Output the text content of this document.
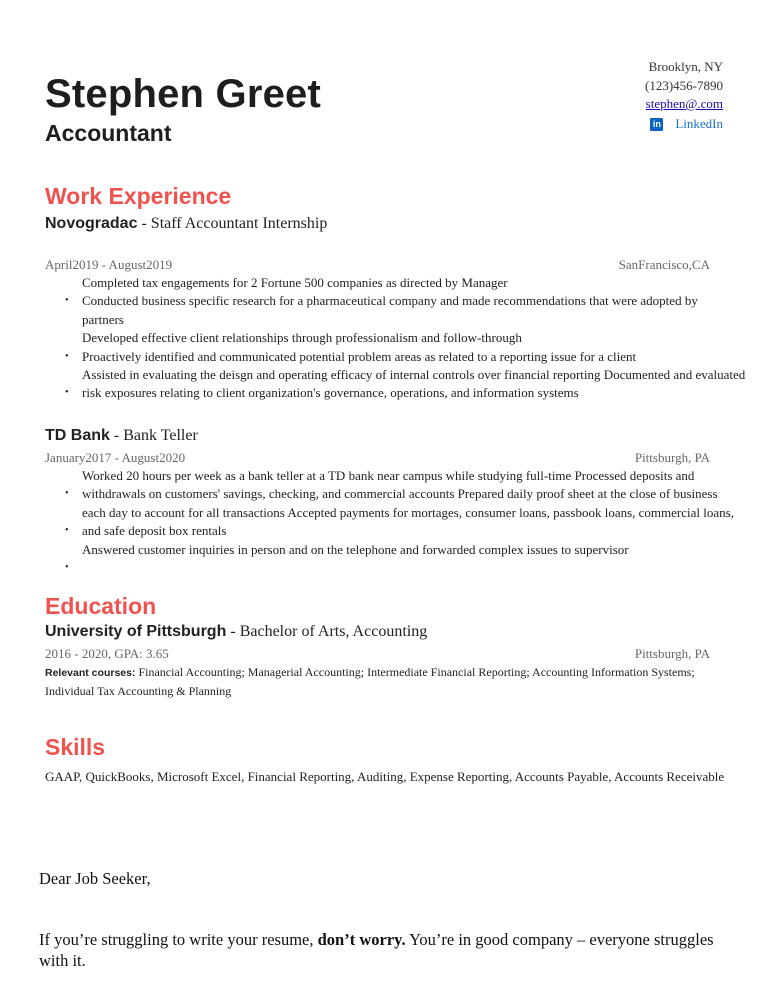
Stephen Greet
Accountant
Brooklyn, NY
(123)456-7890
stephen@.com
in LinkedIn
Work Experience
Novogradac - Staff Accountant Internship
April2019 - August2019	SanFrancisco,CA
Completed tax engagements for 2 Fortune 500 companies as directed by Manager
• Conducted business specific research for a pharmaceutical company and made recommendations that were adopted by
partners
Developed effective client relationships through professionalism and follow-through
• Proactively identified and communicated potential problem areas as related to a reporting issue for a client
Assisted in evaluating the deisgn and operating efficacy of internal controls over financial reporting Documented and evaluated
• risk exposures relating to client organization's governance, operations, and information systems
TD Bank - Bank Teller
January2017 - August2020	Pittsburgh, PA
Worked 20 hours per week as a bank teller at a TD bank near campus while studying full-time Processed deposits and
• withdrawals on customers' savings, checking, and commercial accounts Prepared daily proof sheet at the close of business
each day to account for all transactions Accepted payments for mortages, consumer loans, passbook loans, commercial loans,
• and safe deposit box rentals
Answered customer inquiries in person and on the telephone and forwarded complex issues to supervisor
•
Education
University of Pittsburgh - Bachelor of Arts, Accounting
2016 - 2020, GPA: 3.65	Pittsburgh, PA
Relevant courses: Financial Accounting; Managerial Accounting; Intermediate Financial Reporting; Accounting Information Systems;
Individual Tax Accounting & Planning
Skills
GAAP, QuickBooks, Microsoft Excel, Financial Reporting, Auditing, Expense Reporting, Accounts Payable, Accounts Receivable
Dear Job Seeker,
If you’re struggling to write your resume, don’t worry. You’re in good company – everyone struggles with it.
